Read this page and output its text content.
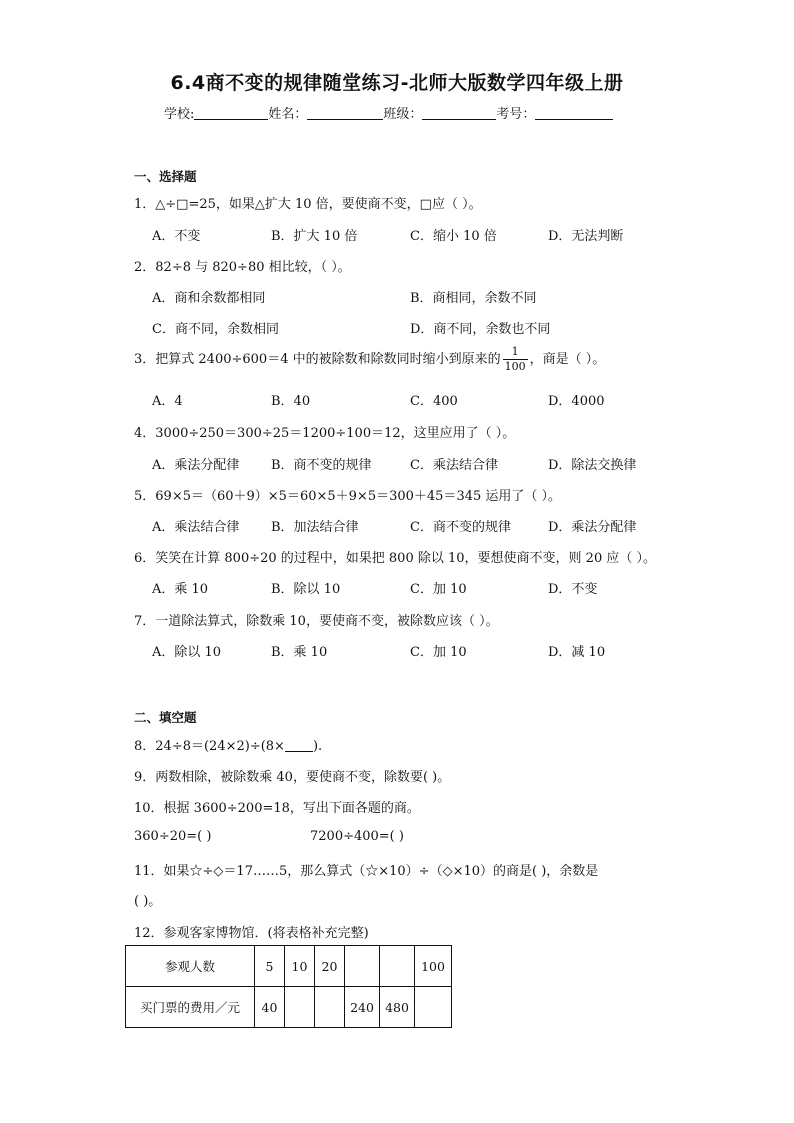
6.4商不变的规律随堂练习-北师大版数学四年级上册
学校:	姓名：	班级：	考号：
一、选择题
1．△÷□=25，如果△扩大 10 倍，要使商不变，□应（ ）。
A．不变	B．扩大 10 倍	C．缩小 10 倍	D．无法判断
2．82÷8 与 820÷80 相比较，（ ）。
A．商和余数都相同	B．商相同，余数不同
C．商不同，余数相同	D．商不同，余数也不同
3．把算式 2400÷600＝4 中的被除数和除数同时缩小到原来的 $\frac{1}{100}$ ，商是（ ）。
A．4	B．40	C．400	D．4000
4．3000÷250＝300÷25＝1200÷100＝12，这里应用了（ ）。
A．乘法分配律 B．商不变的规律	C．乘法结合律	D．除法交换律
5．69×5＝（60＋9）×5＝60×5＋9×5＝300＋45＝345 运用了（ ）。
A．乘法结合律 B．加法结合律	C．商不变的规律	D．乘法分配律
6．笑笑在计算 800÷20 的过程中，如果把 800 除以 10，要想使商不变，则 20 应（ ）。
A．乘 10	B．除以 10	C．加 10	D．不变
7．一道除法算式，除数乘 10，要使商不变，被除数应该（ ）。
A．除以 10	B．乘 10	C．加 10	D．减 10
二、填空题
8．24÷8＝(24×2)÷(8× ).
9．两数相除，被除数乘 40，要使商不变，除数要( )。
10．根据 3600÷200=18，写出下面各题的商。
360÷20=( )	7200÷400=( )
11．如果☆÷◇＝17……5，那么算式（☆×10）÷（◇×10）的商是( )，余数是
( )。
12．参观客家博物馆．(将表格补充完整)
参观人数	5	10	20			100
买门票的费用／元	40			240	480	
